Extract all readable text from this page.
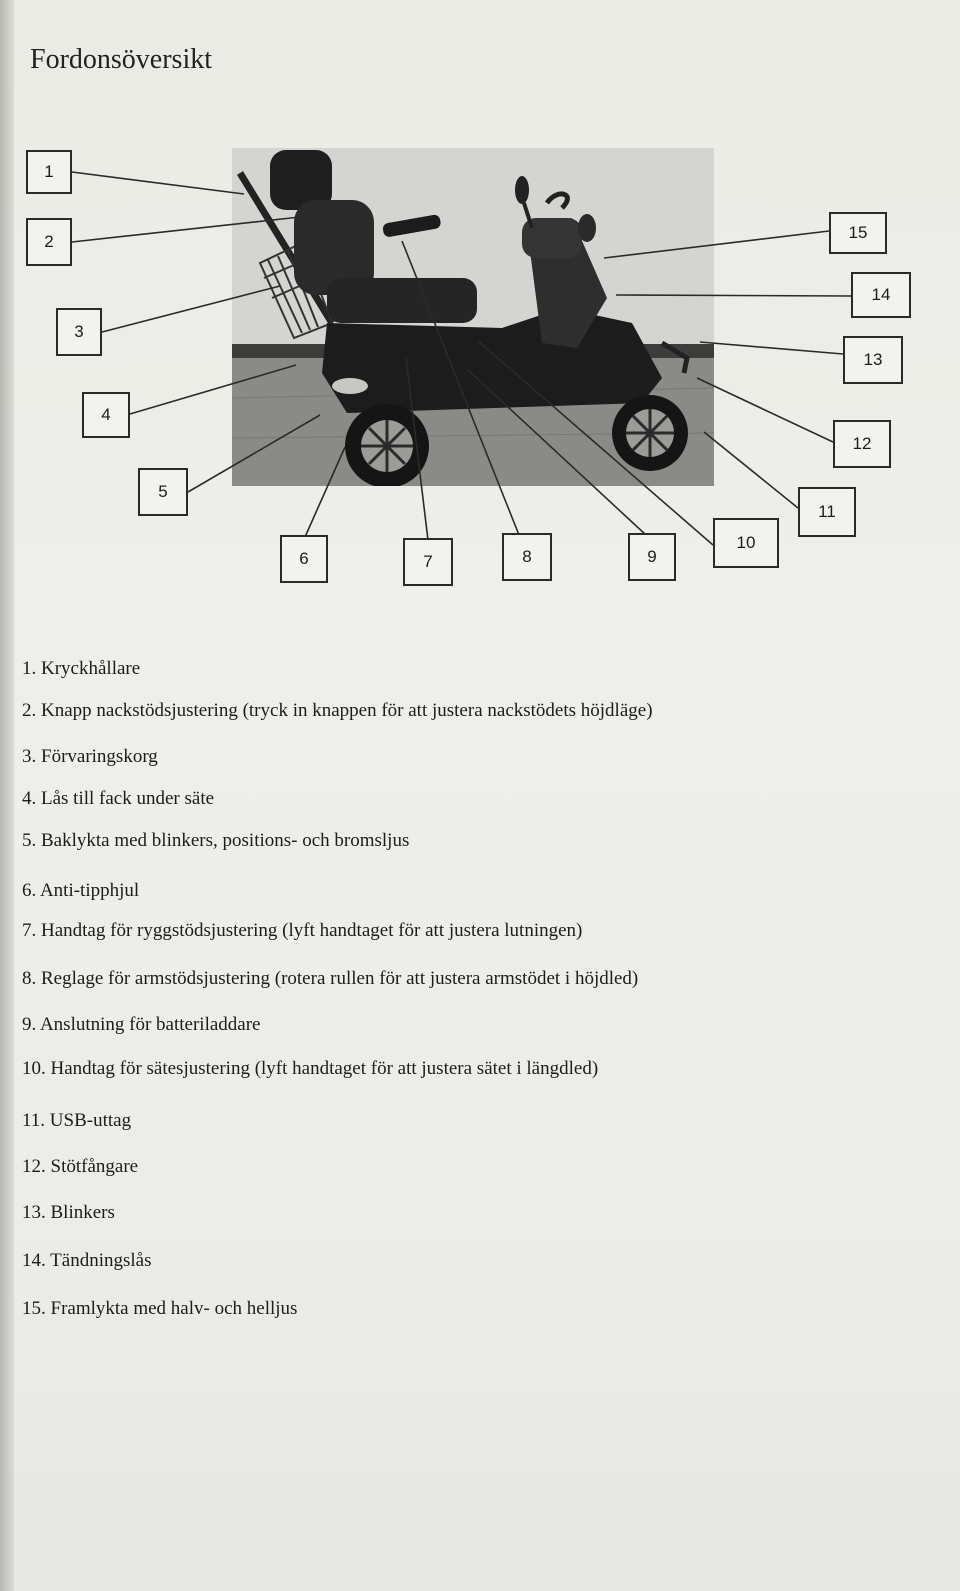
Fordonsöversikt
1
2
3
4
5
6	7	8	9
10
11
12
13
14
15
1. Kryckhållare
2. Knapp nackstödsjustering (tryck in knappen för att justera nackstödets höjdläge)
3. Förvaringskorg
4. Lås till fack under säte
5. Baklykta med blinkers, positions- och bromsljus
6. Anti-tipphjul
7. Handtag för ryggstödsjustering (lyft handtaget för att justera lutningen)
8. Reglage för armstödsjustering (rotera rullen för att justera armstödet i höjdled)
9. Anslutning för batteriladdare
10. Handtag för sätesjustering (lyft handtaget för att justera sätet i längdled)
11. USB-uttag
12. Stötfångare
13. Blinkers
14. Tändningslås
15. Framlykta med halv- och helljus
